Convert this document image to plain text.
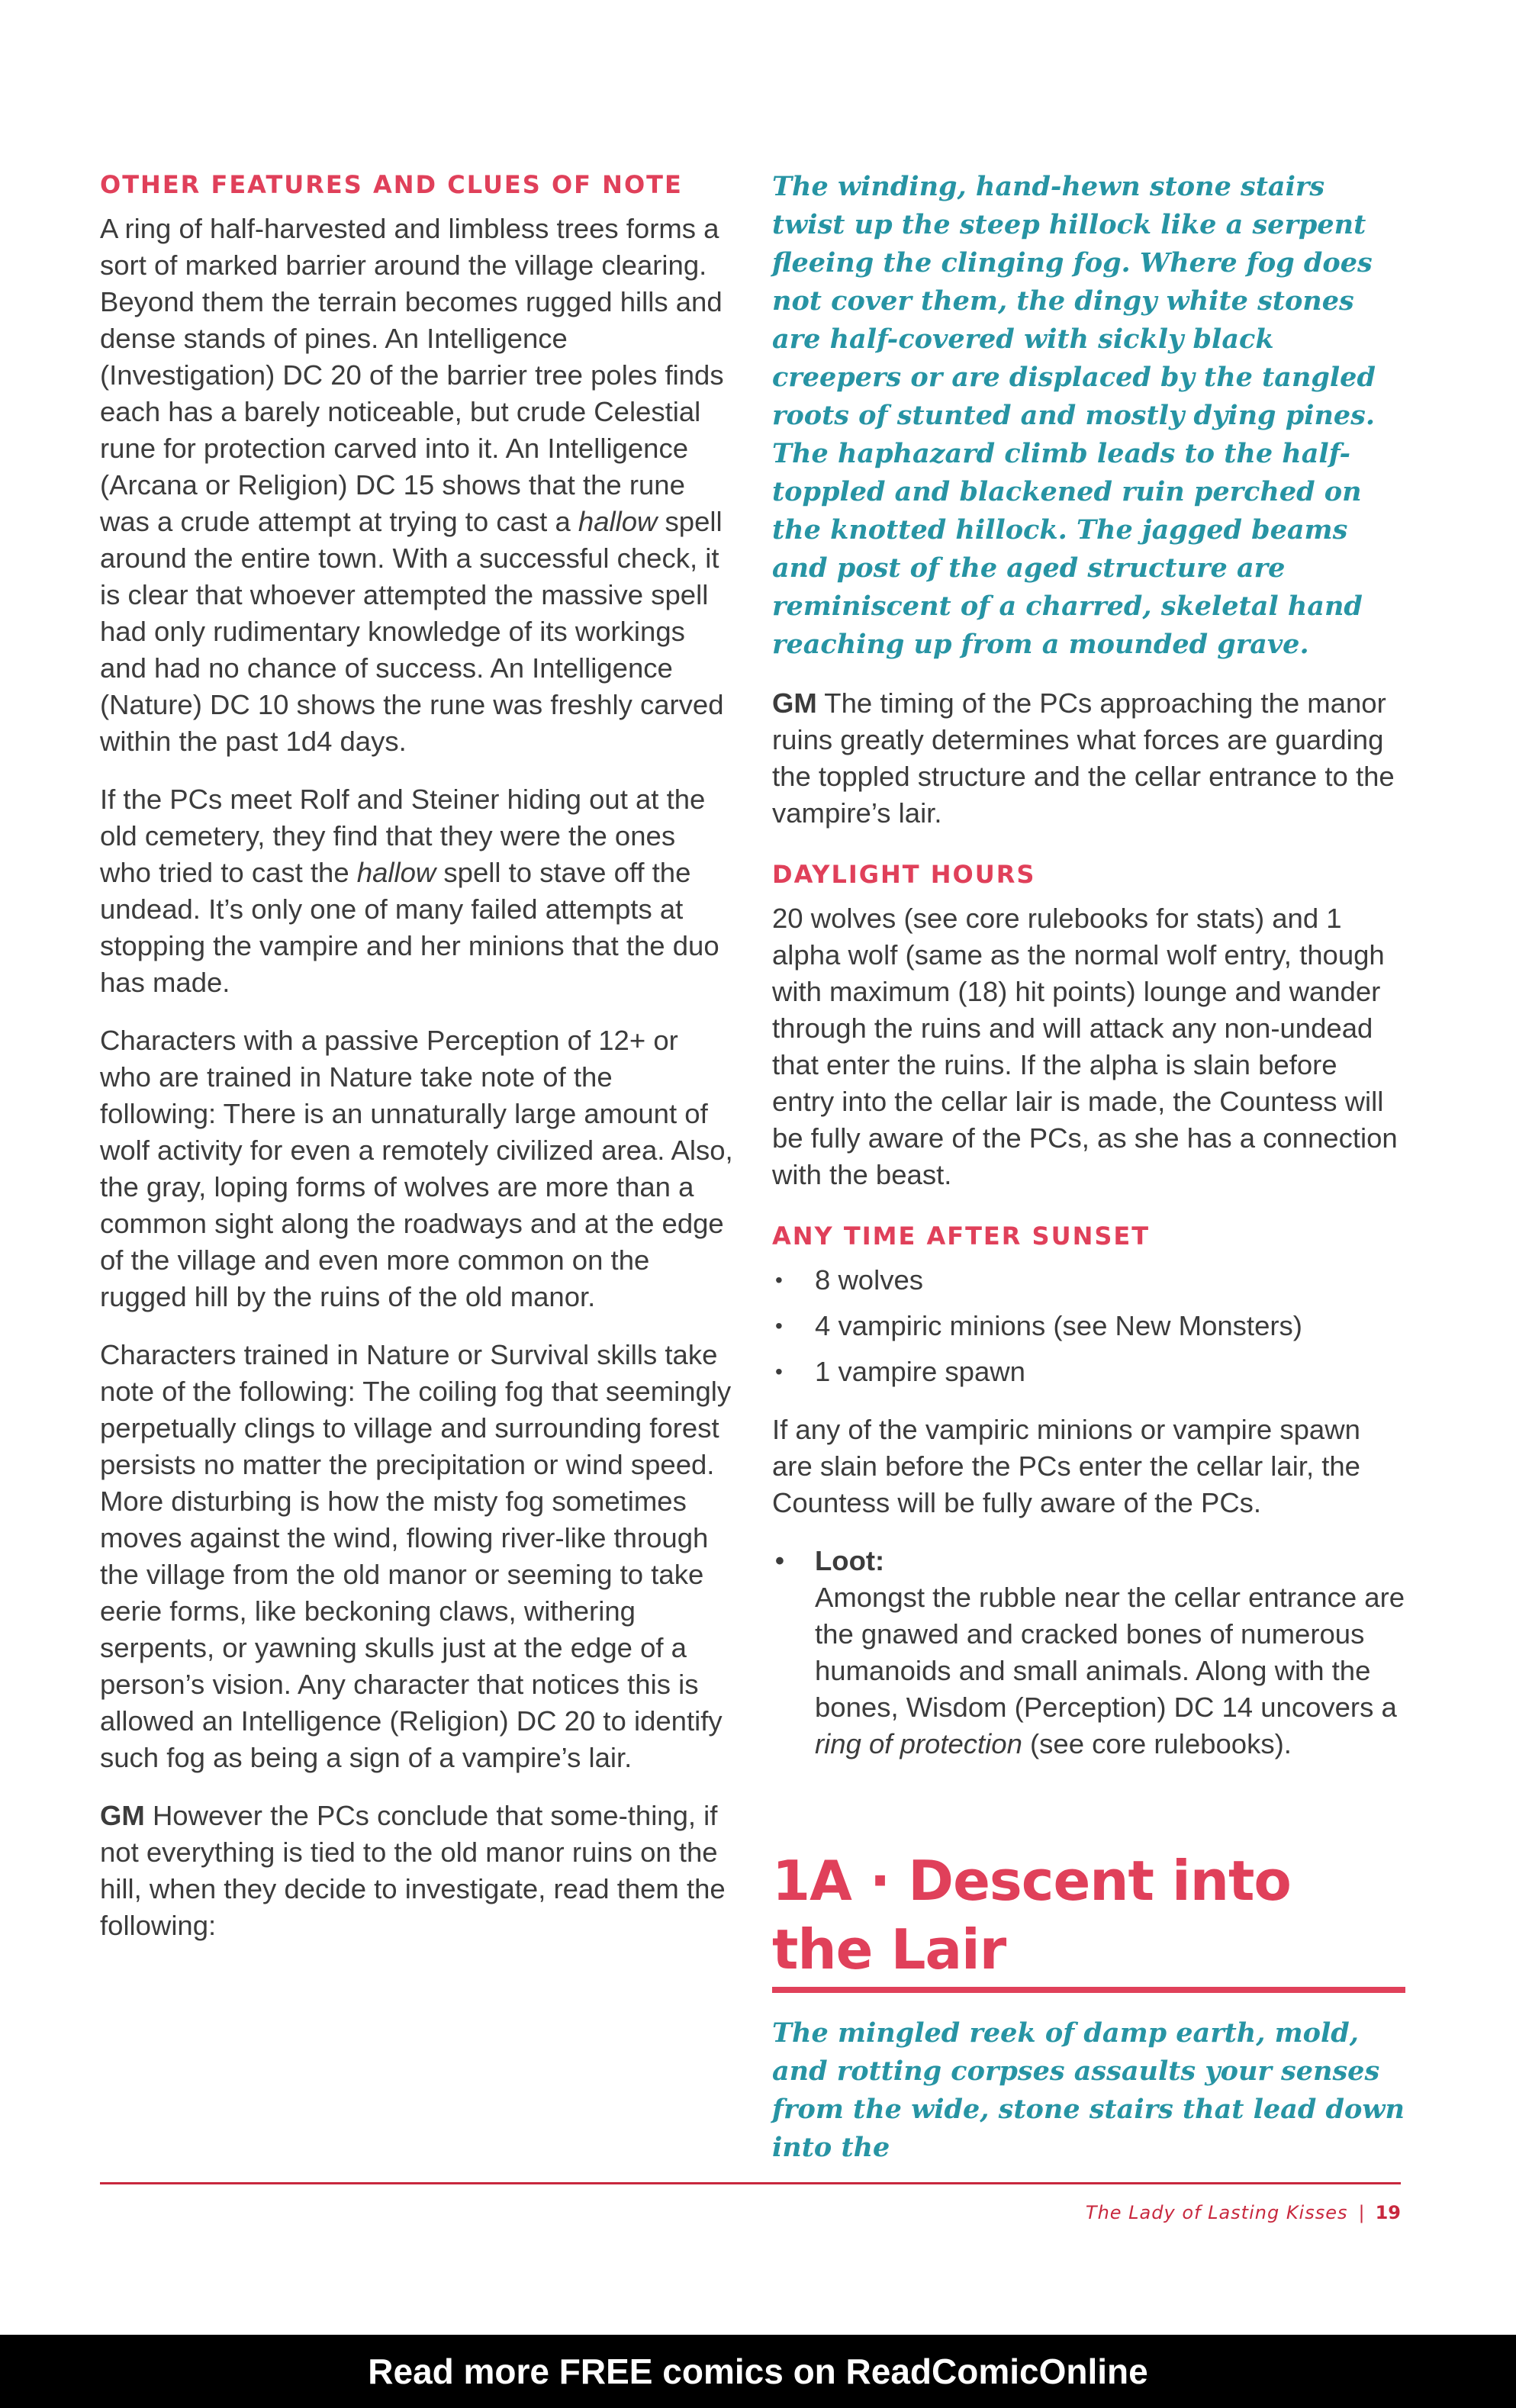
OTHER FEATURES AND CLUES OF NOTE

A ring of half-harvested and limbless trees forms a sort of marked barrier around the village clearing. Beyond them the terrain becomes rugged hills and dense stands of pines. An Intelligence (Investigation) DC 20 of the barrier tree poles finds each has a barely noticeable, but crude Celestial rune for protection carved into it. An Intelligence (Arcana or Religion) DC 15 shows that the rune was a crude attempt at trying to cast a hallow spell around the entire town. With a successful check, it is clear that whoever attempted the massive spell had only rudimentary knowledge of its workings and had no chance of success. An Intelligence (Nature) DC 10 shows the rune was freshly carved within the past 1d4 days.

If the PCs meet Rolf and Steiner hiding out at the old cemetery, they find that they were the ones who tried to cast the hallow spell to stave off the undead. It’s only one of many failed attempts at stopping the vampire and her minions that the duo has made.

Characters with a passive Perception of 12+ or who are trained in Nature take note of the following: There is an unnaturally large amount of wolf activity for even a remotely civilized area. Also, the gray, loping forms of wolves are more than a common sight along the roadways and at the edge of the village and even more common on the rugged hill by the ruins of the old manor.

Characters trained in Nature or Survival skills take note of the following: The coiling fog that seemingly perpetually clings to village and surrounding forest persists no matter the precipitation or wind speed. More disturbing is how the misty fog sometimes moves against the wind, flowing river-like through the village from the old manor or seeming to take eerie forms, like beckoning claws, withering serpents, or yawning skulls just at the edge of a person’s vision. Any character that notices this is allowed an Intelligence (Religion) DC 20 to identify such fog as being a sign of a vampire’s lair.

GM However the PCs conclude that some-thing, if not everything is tied to the old manor ruins on the hill, when they decide to investigate, read them the following:

The winding, hand-hewn stone stairs twist up the steep hillock like a serpent fleeing the clinging fog. Where fog does not cover them, the dingy white stones are half-covered with sickly black creepers or are displaced by the tangled roots of stunted and mostly dying pines. The haphazard climb leads to the half-toppled and blackened ruin perched on the knotted hillock. The jagged beams and post of the aged structure are reminiscent of a charred, skeletal hand reaching up from a mounded grave.

GM The timing of the PCs approaching the manor ruins greatly determines what forces are guarding the toppled structure and the cellar entrance to the vampire’s lair.

DAYLIGHT HOURS

20 wolves (see core rulebooks for stats) and 1 alpha wolf (same as the normal wolf entry, though with maximum (18) hit points) lounge and wander through the ruins and will attack any non-undead that enter the ruins. If the alpha is slain before entry into the cellar lair is made, the Countess will be fully aware of the PCs, as she has a connection with the beast.

ANY TIME AFTER SUNSET
• 8 wolves
• 4 vampiric minions (see New Monsters)
• 1 vampire spawn

If any of the vampiric minions or vampire spawn are slain before the PCs enter the cellar lair, the Countess will be fully aware of the PCs.

• Loot:
Amongst the rubble near the cellar entrance are the gnawed and cracked bones of numerous humanoids and small animals. Along with the bones, Wisdom (Perception) DC 14 uncovers a ring of protection (see core rulebooks).
1A · Descent into the Lair

The mingled reek of damp earth, mold, and rotting corpses assaults your senses from the wide, stone stairs that lead down into the

The Lady of Lasting Kisses | 19
Read more FREE comics on ReadComicOnline
